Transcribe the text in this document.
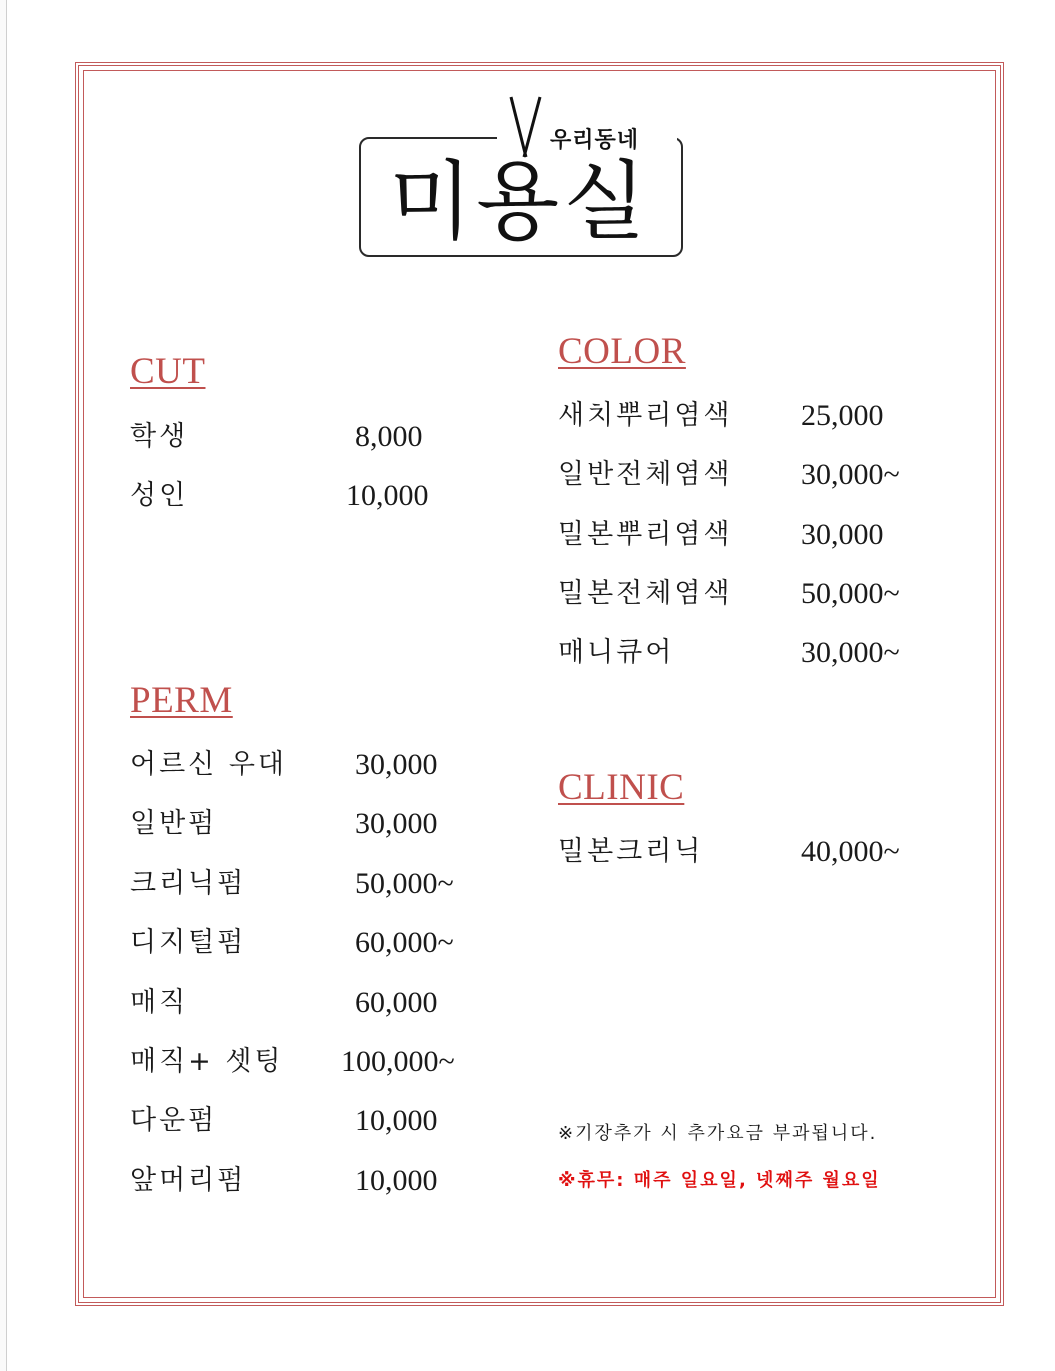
우리동네
미용실
CUT
학생	8,000
성인	10,000
PERM
어르신 우대 30,000
일반펌	30,000
크리닉펌	50,000~
디지털펌	60,000~
매직	60,000
매직+ 셋팅 100,000~
다운펌	10,000
앞머리펌	10,000
COLOR
새치뿌리염색 25,000
일반전체염색 30,000~
밀본뿌리염색 30,000
밀본전체염색 50,000~
매니큐어	30,000~
CLINIC
밀본크리닉	40,000~
※기장추가 시 추가요금 부과됩니다.
※휴무: 매주 일요일, 넷째주 월요일
